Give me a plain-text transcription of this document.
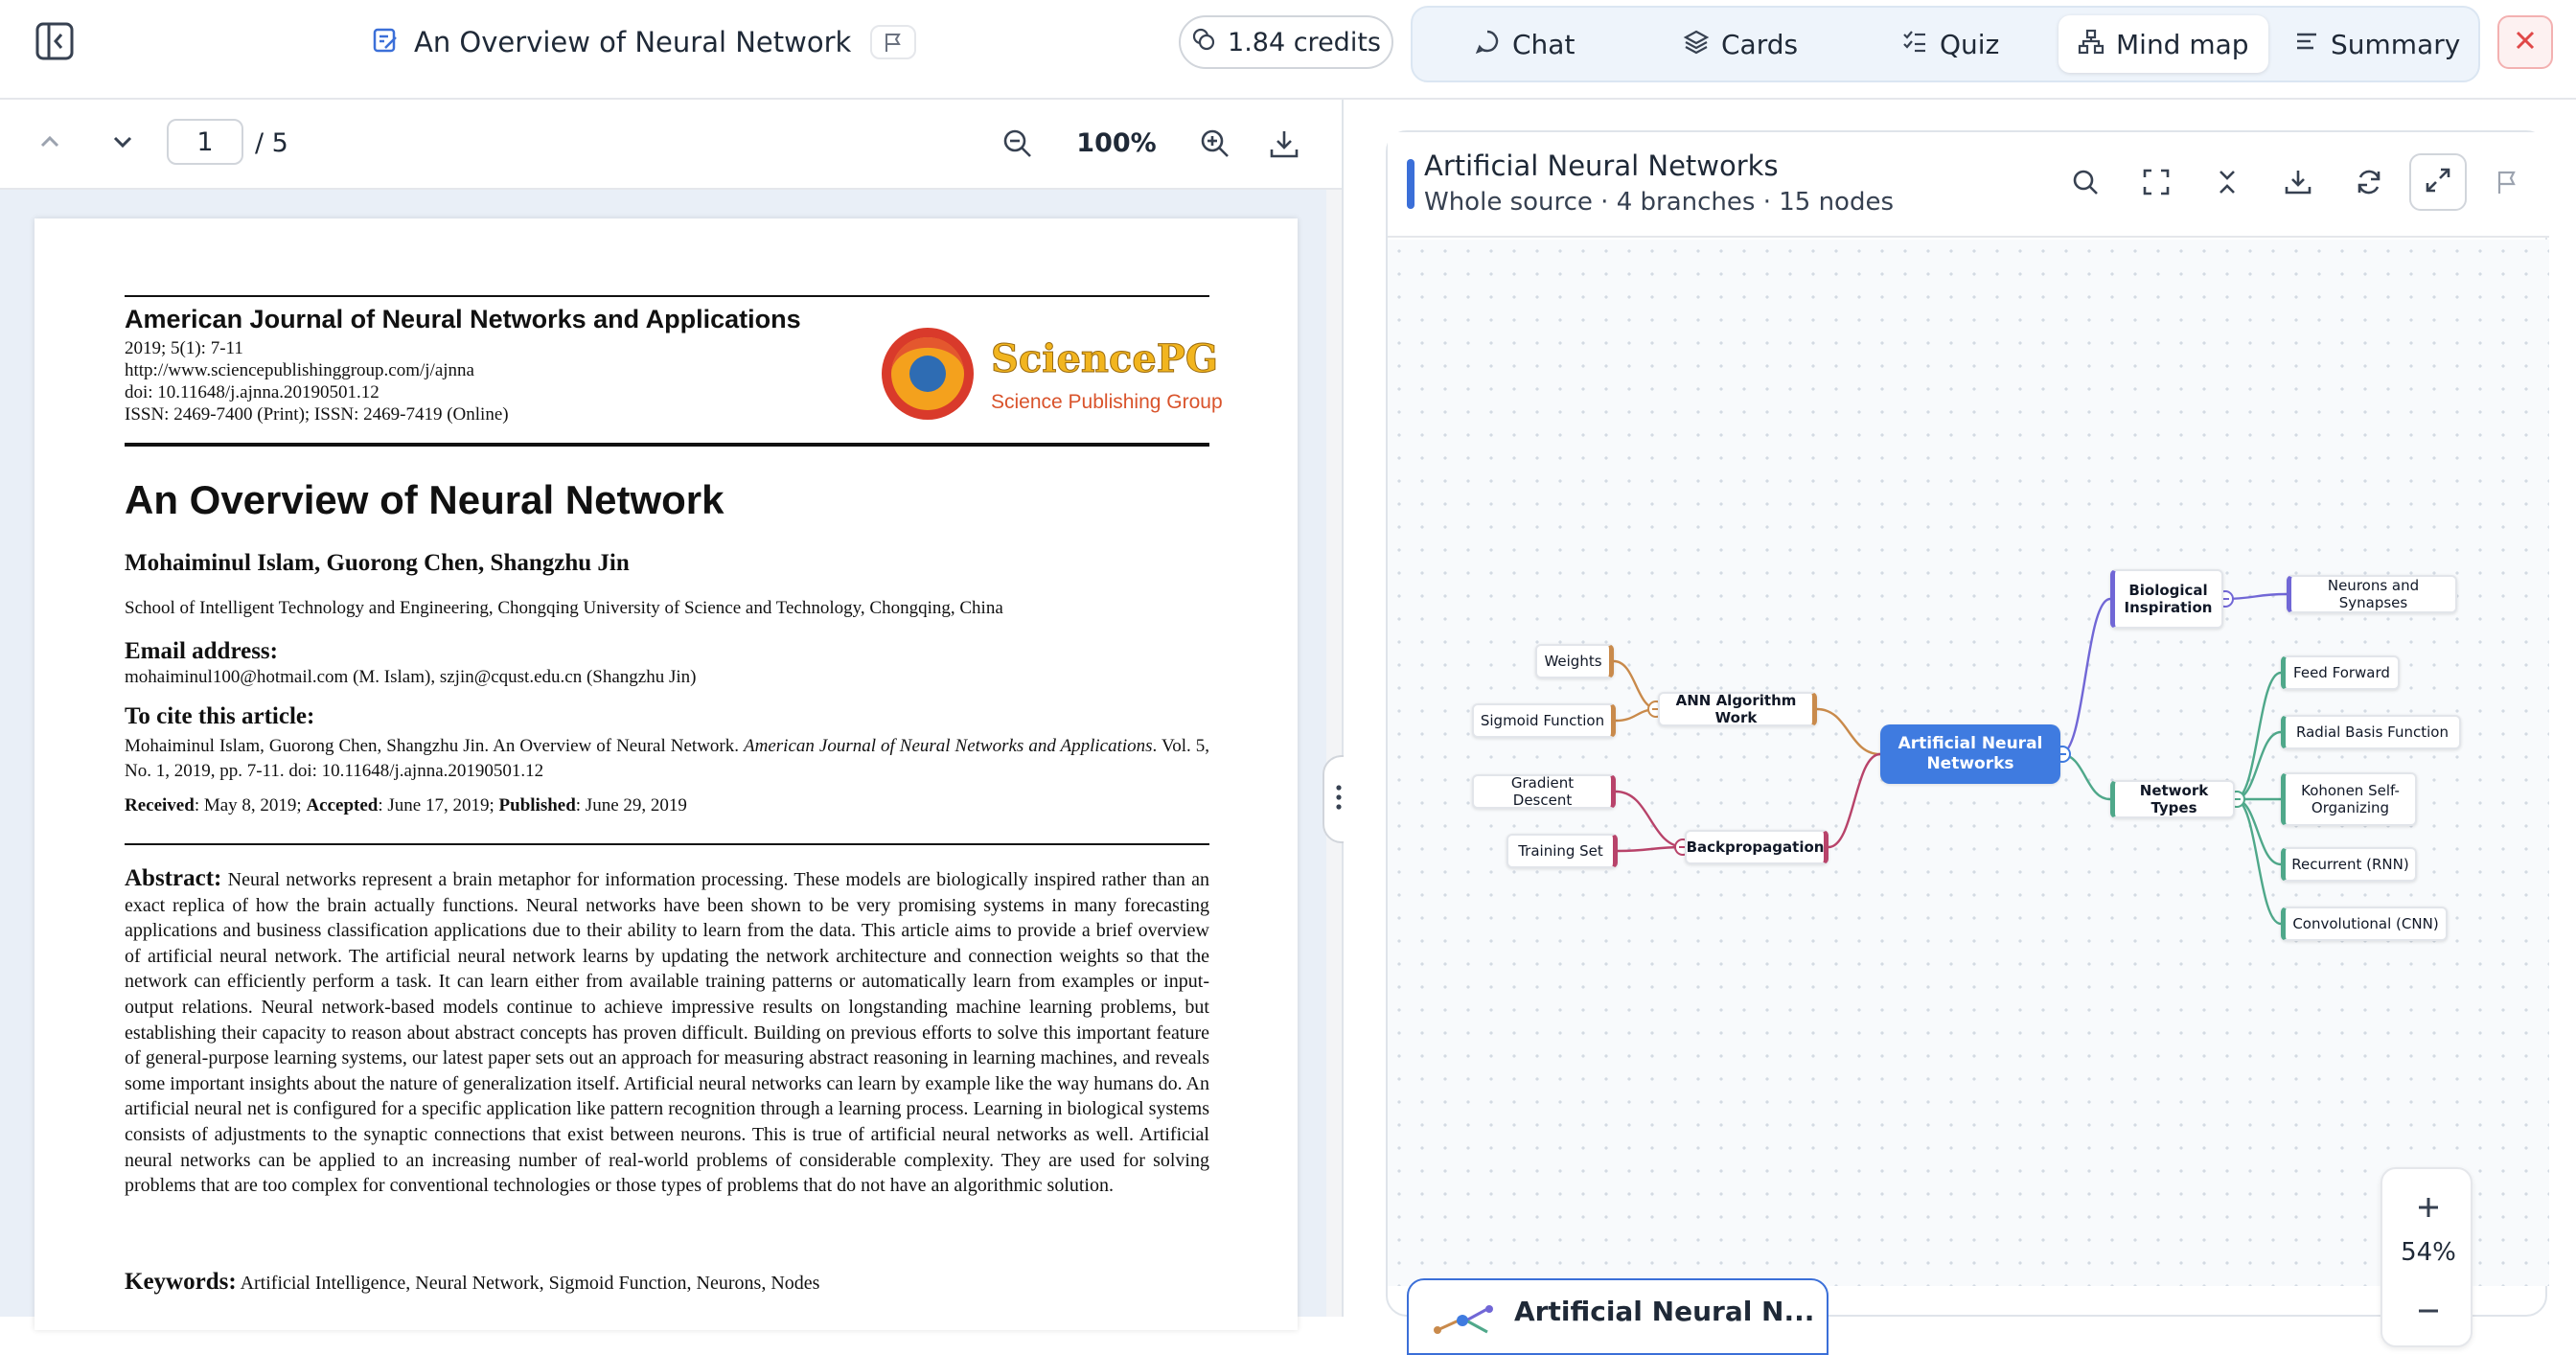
An Overview of Neural Network	1.84 credits	Chat	Cards	Quiz	Mind map	Summary
1
/ 5	100%
American Journal of Neural Networks and Applications
2019; 5(1): 7-11
http://www.sciencepublishinggroup.com/j/ajnna
doi: 10.11648/j.ajnna.20190501.12
ISSN: 2469-7400 (Print); ISSN: 2469-7419 (Online)
SciencePG
Science Publishing Group
An Overview of Neural Network
Mohaiminul Islam, Guorong Chen, Shangzhu Jin
School of Intelligent Technology and Engineering, Chongqing University of Science and Technology, Chongqing, China
Email address:
mohaiminul100@hotmail.com (M. Islam), szjin@cqust.edu.cn (Shangzhu Jin)
To cite this article:
Mohaiminul Islam, Guorong Chen, Shangzhu Jin. An Overview of Neural Network. American Journal of Neural Networks and Applications. Vol. 5, No. 1, 2019, pp. 7-11. doi: 10.11648/j.ajnna.20190501.12
Received: May 8, 2019; Accepted: June 17, 2019; Published: June 29, 2019
Abstract: Neural networks represent a brain metaphor for information processing. These models are biologically inspired rather than an exact replica of how the brain actually functions. Neural networks have been shown to be very promising systems in many forecasting applications and business classification applications due to their ability to learn from the data. This article aims to provide a brief overview of artificial neural network. The artificial neural network learns by updating the network architecture and connection weights so that the network can efficiently perform a task. It can learn either from available training patterns or automatically learn from examples or input-output relations. Neural network-based models continue to achieve impressive results on longstanding machine learning problems, but establishing their capacity to reason about abstract concepts has proven difficult. Building on previous efforts to solve this important feature of general-purpose learning systems, our latest paper sets out an approach for measuring abstract reasoning in learning machines, and reveals some important insights about the nature of generalization itself. Artificial neural networks can learn by example like the way humans do. An artificial neural net is configured for a specific application like pattern recognition through a learning process. Learning in biological systems consists of adjustments to the synaptic connections that exist between neurons. This is true of artificial neural networks as well. Artificial neural networks can be applied to an increasing number of real-world problems of considerable complexity. They are used for solving problems that are too complex for conventional technologies or those types of problems that do not have an algorithmic solution.
Keywords: Artificial Intelligence, Neural Network, Sigmoid Function, Neurons, Nodes
Artificial Neural Networks
Whole source · 4 branches · 15 nodes
Artificial Neural Networks
ANN Algorithm Work
Weights
Sigmoid Function
Backpropagation
Gradient Descent
Training Set
Biological Inspiration
Neurons and Synapses
Network Types
Feed Forward
Radial Basis Function
Kohonen Self-Organizing
Recurrent (RNN)
Convolutional (CNN)
54%
Artificial Neural N...
